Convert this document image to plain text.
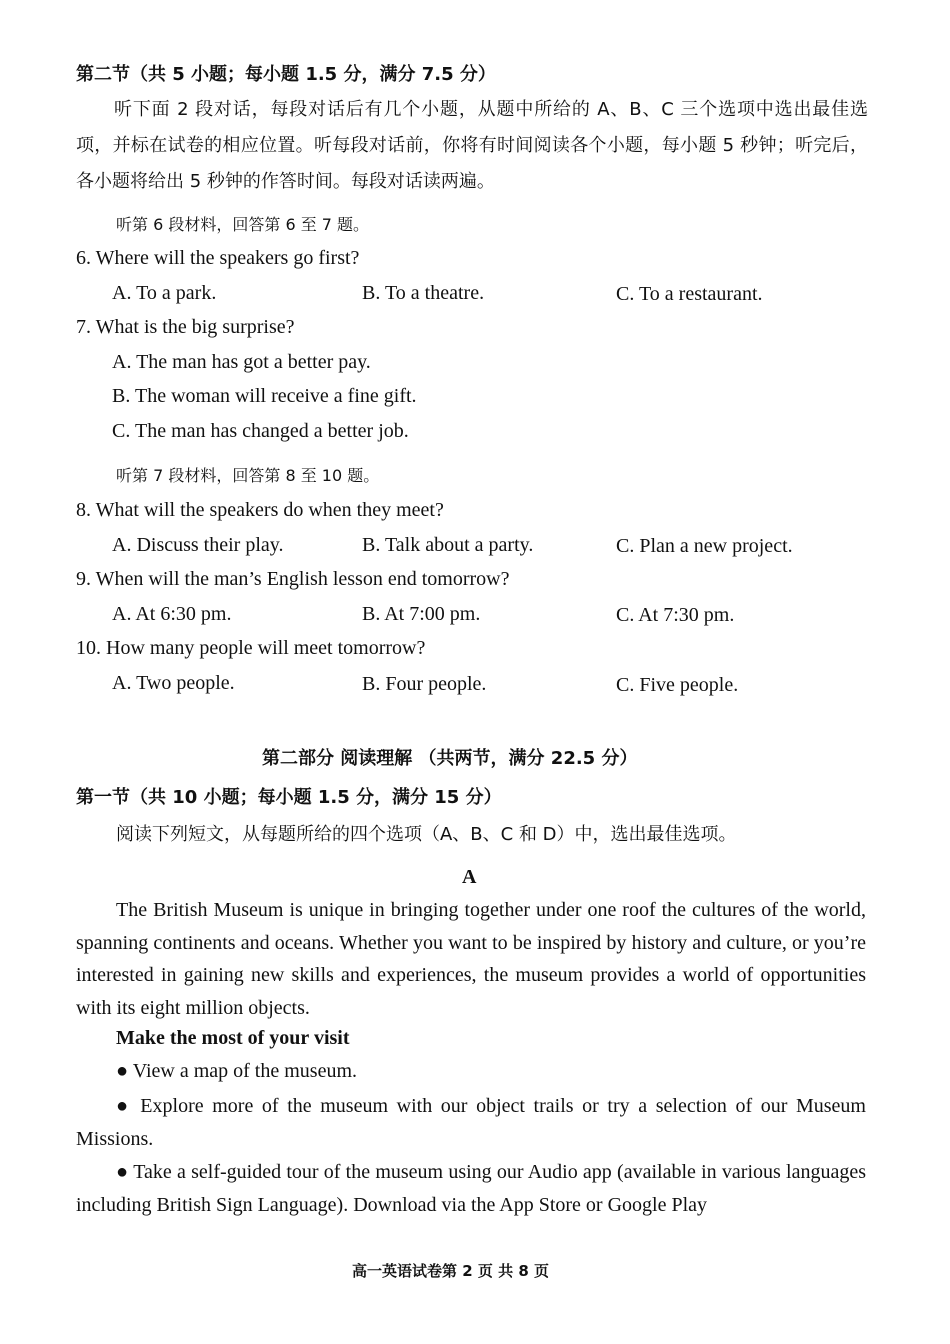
第二节（共 5 小题；每小题 1.5 分，满分 7.5 分）
听下面 2 段对话，每段对话后有几个小题，从题中所给的 A、B、C 三个选项中选出最佳选项，并标在试卷的相应位置。听每段对话前，你将有时间阅读各个小题，每小题 5 秒钟；听完后，各小题将给出 5 秒钟的作答时间。每段对话读两遍。
听第 6 段材料，回答第 6 至 7 题。
6. Where will the speakers go first?
A. To a park.	B. To a theatre.	C. To a restaurant.
7. What is the big surprise?
A. The man has got a better pay.
B. The woman will receive a fine gift.
C. The man has changed a better job.
听第 7 段材料，回答第 8 至 10 题。
8. What will the speakers do when they meet?
A. Discuss their play.	B. Talk about a party.	C. Plan a new project.
9. When will the man’s English lesson end tomorrow?
A. At 6:30 pm.	B. At 7:00 pm.	C. At 7:30 pm.
10. How many people will meet tomorrow?
A. Two people.	B. Four people.	C. Five people.
第二部分 阅读理解 （共两节，满分 22.5 分）
第一节（共 10 小题；每小题 1.5 分，满分 15 分）
阅读下列短文，从每题所给的四个选项（A、B、C 和 D）中，选出最佳选项。
A
The British Museum is unique in bringing together under one roof the cultures of the world, spanning continents and oceans. Whether you want to be inspired by history and culture, or you’re interested in gaining new skills and experiences, the museum provides a world of opportunities with its eight million objects.
Make the most of your visit
● View a map of the museum.
● Explore more of the museum with our object trails or try a selection of our Museum Missions.
● Take a self-guided tour of the museum using our Audio app (available in various languages including British Sign Language). Download via the App Store or Google Play
高一英语试卷第 2 页 共 8 页
